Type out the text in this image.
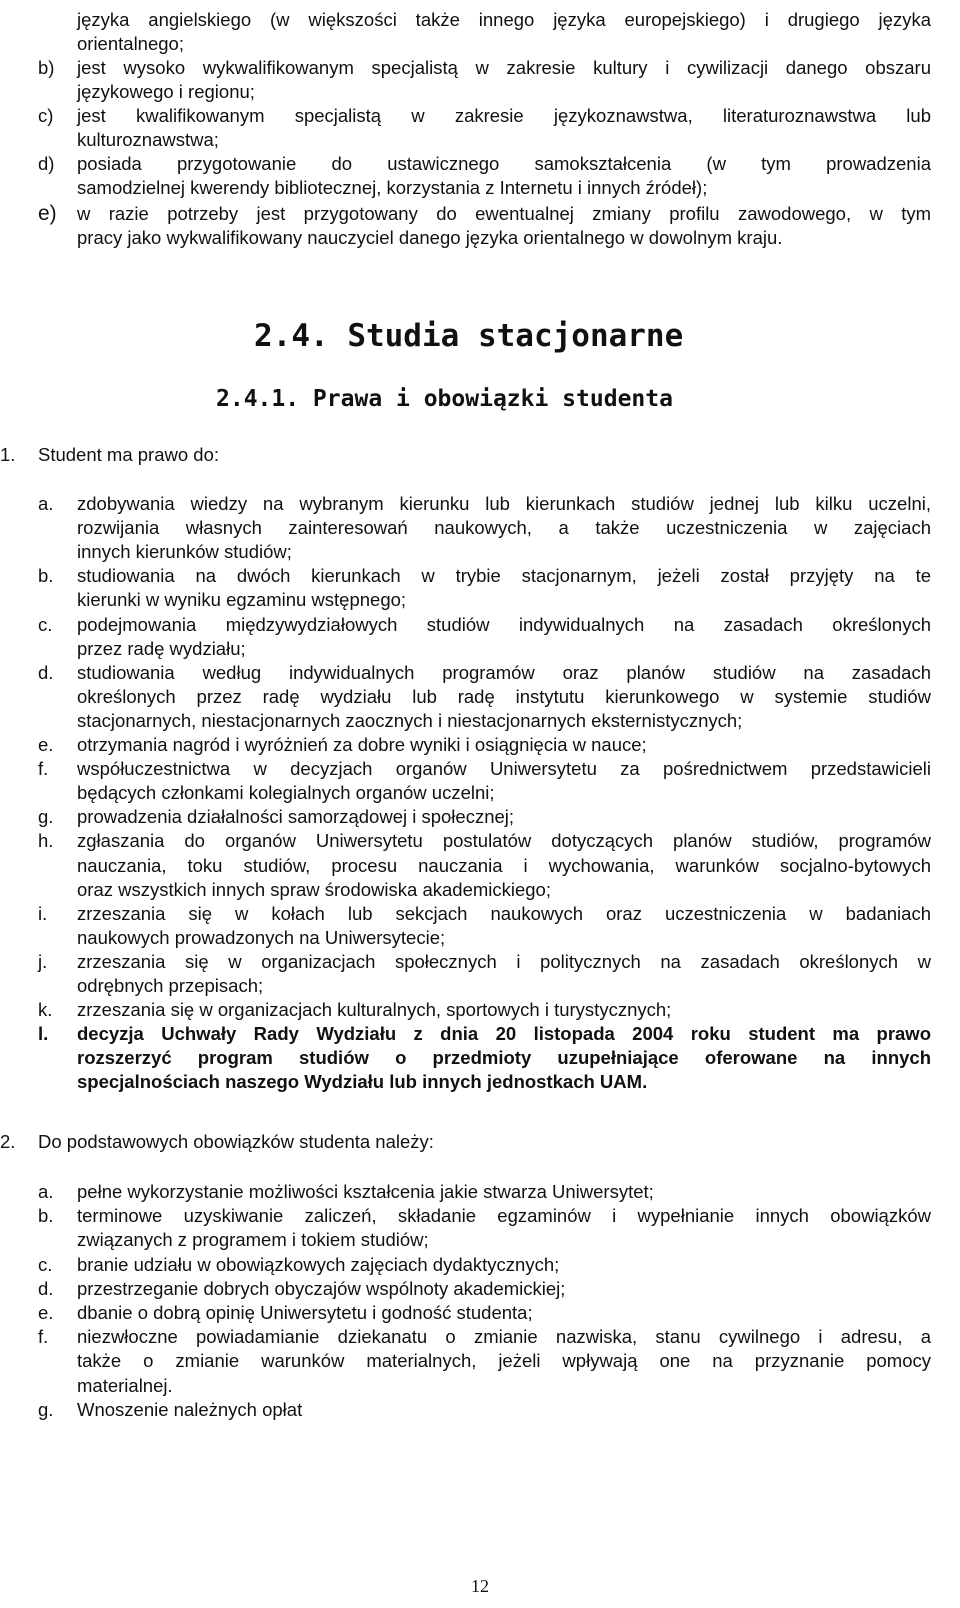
języka angielskiego (w większości także innego języka europejskiego) i drugiego języka
orientalnego;
b) jest wysoko wykwalifikowanym specjalistą w zakresie kultury i cywilizacji danego obszaru
językowego i regionu;
c) jest kwalifikowanym specjalistą w zakresie językoznawstwa, literaturoznawstwa lub
kulturoznawstwa;
d) posiada przygotowanie do ustawicznego samokształcenia (w tym prowadzenia
samodzielnej kwerendy bibliotecznej, korzystania z Internetu i innych źródeł);
e) w razie potrzeby jest przygotowany do ewentualnej zmiany profilu zawodowego, w tym
pracy jako wykwalifikowany nauczyciel danego języka orientalnego w dowolnym kraju.
2.4. Studia stacjonarne
2.4.1. Prawa i obowiązki studenta
1. Student ma prawo do:
a. zdobywania wiedzy na wybranym kierunku lub kierunkach studiów jednej lub kilku uczelni,
rozwijania własnych zainteresowań naukowych, a także uczestniczenia w zajęciach
innych kierunków studiów;
b. studiowania na dwóch kierunkach w trybie stacjonarnym, jeżeli został przyjęty na te
kierunki w wyniku egzaminu wstępnego;
c. podejmowania międzywydziałowych studiów indywidualnych na zasadach określonych
przez radę wydziału;
d. studiowania według indywidualnych programów oraz planów studiów na zasadach
określonych przez radę wydziału lub radę instytutu kierunkowego w systemie studiów
stacjonarnych, niestacjonarnych zaocznych i niestacjonarnych eksternistycznych;
e. otrzymania nagród i wyróżnień za dobre wyniki i osiągnięcia w nauce;
f. współuczestnictwa w decyzjach organów Uniwersytetu za pośrednictwem przedstawicieli
będących członkami kolegialnych organów uczelni;
g. prowadzenia działalności samorządowej i społecznej;
h. zgłaszania do organów Uniwersytetu postulatów dotyczących planów studiów, programów
nauczania, toku studiów, procesu nauczania i wychowania, warunków socjalno-bytowych
oraz wszystkich innych spraw środowiska akademickiego;
i. zrzeszania się w kołach lub sekcjach naukowych oraz uczestniczenia w badaniach
naukowych prowadzonych na Uniwersytecie;
j. zrzeszania się w organizacjach społecznych i politycznych na zasadach określonych w
odrębnych przepisach;
k. zrzeszania się w organizacjach kulturalnych, sportowych i turystycznych;
l. decyzja Uchwały Rady Wydziału z dnia 20 listopada 2004 roku student ma prawo
rozszerzyć program studiów o przedmioty uzupełniające oferowane na innych
specjalnościach naszego Wydziału lub innych jednostkach UAM.
2. Do podstawowych obowiązków studenta należy:
a. pełne wykorzystanie możliwości kształcenia jakie stwarza Uniwersytet;
b. terminowe uzyskiwanie zaliczeń, składanie egzaminów i wypełnianie innych obowiązków
związanych z programem i tokiem studiów;
c. branie udziału w obowiązkowych zajęciach dydaktycznych;
d. przestrzeganie dobrych obyczajów wspólnoty akademickiej;
e. dbanie o dobrą opinię Uniwersytetu i godność studenta;
f. niezwłoczne powiadamianie dziekanatu o zmianie nazwiska, stanu cywilnego i adresu, a
także o zmianie warunków materialnych, jeżeli wpływają one na przyznanie pomocy
materialnej.
g. Wnoszenie należnych opłat
12
